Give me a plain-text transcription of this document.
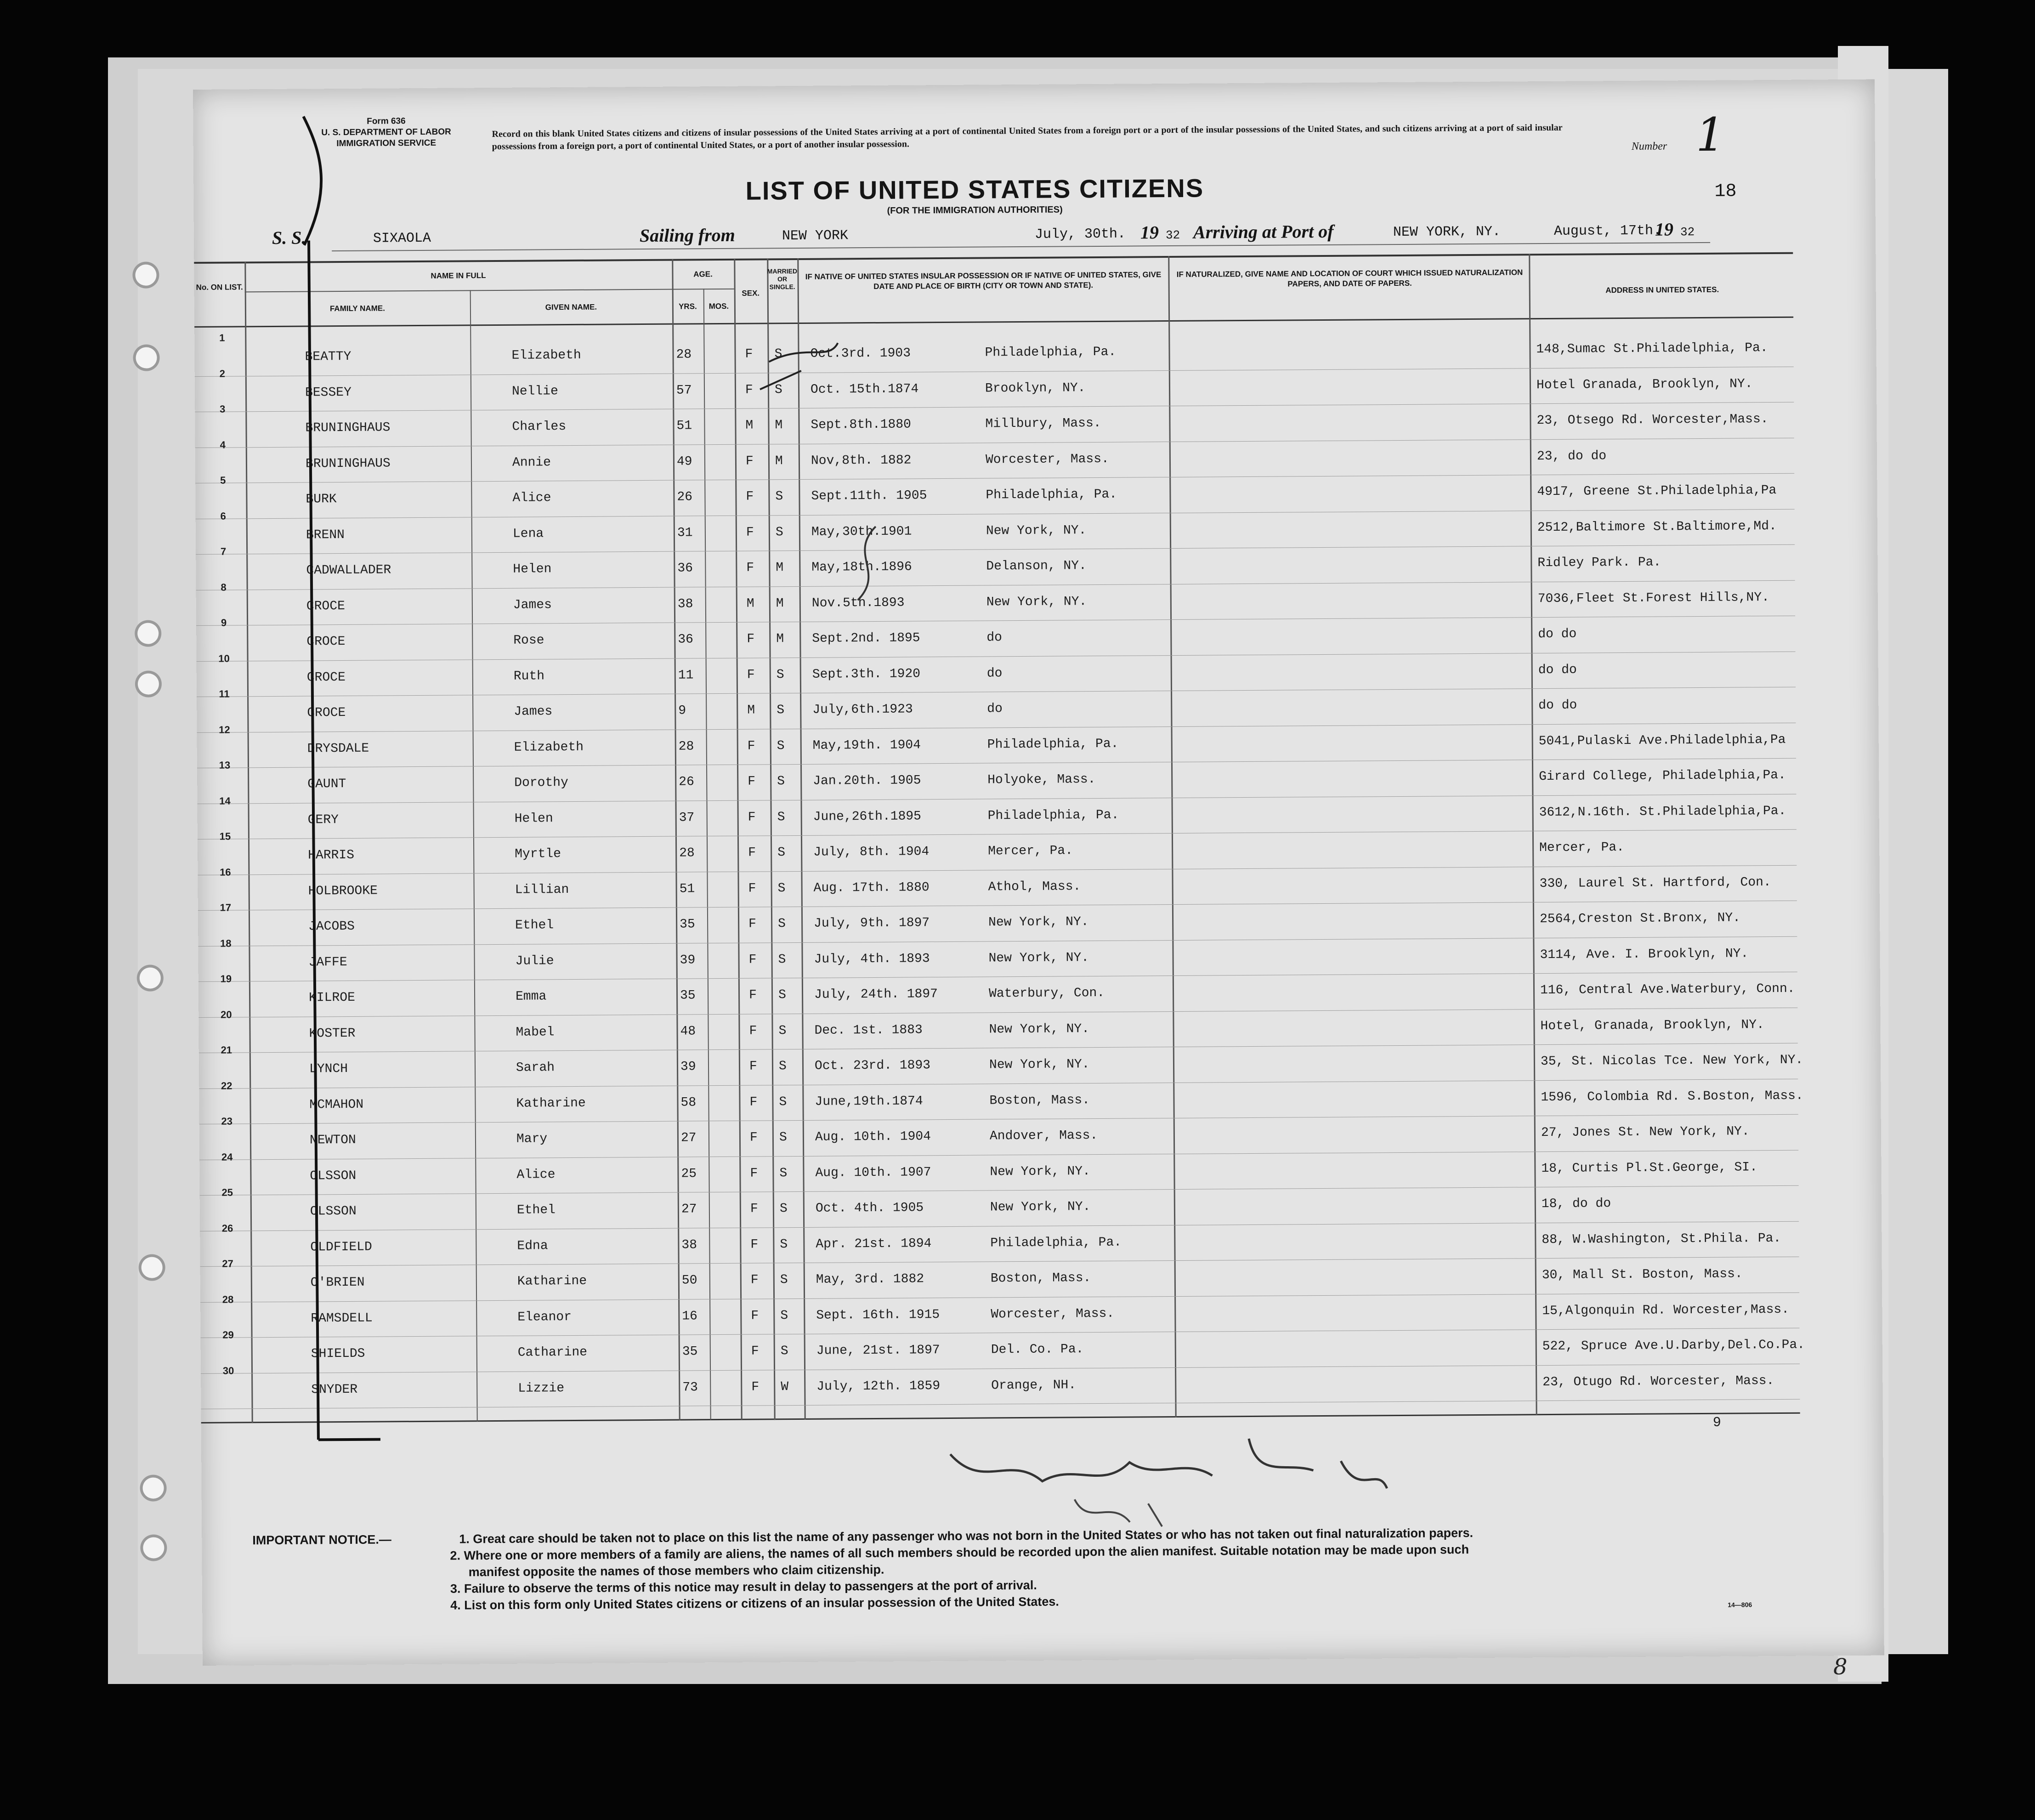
Form 636
U. S. DEPARTMENT OF LABOR
IMMIGRATION SERVICE
Record on this blank United States citizens and citizens of insular possessions of the United States arriving at a port of continental United States from a foreign port or a port of the insular possessions of the United States, and such citizens arriving at a port of said insular possessions from a foreign port, a port of continental United States, or a port of another insular possession.	Number 1
LIST OF UNITED STATES CITIZENS
(FOR THE IMMIGRATION AUTHORITIES)
18
S. S.	SIXAOLA	Sailing from	NEW YORK	July, 30th. 19 32 Arriving at Port of	NEW YORK, NY.	August, 17th.
19 32
No. ON LIST.
NAME IN FULL
FAMILY NAME.	GIVEN NAME.
AGE.
YRS.	MOS.
SEX.
MARRIED OR SINGLE.
IF NATIVE OF UNITED STATES INSULAR POSSESSION OR IF NATIVE OF UNITED STATES, GIVE DATE AND PLACE OF BIRTH (CITY OR TOWN AND STATE).
IF NATURALIZED, GIVE NAME AND LOCATION OF COURT WHICH ISSUED NATURALIZATION PAPERS, AND DATE OF PAPERS.
ADDRESS IN UNITED STATES.
1
BEATTY	Elizabeth	28	F S Oct.3rd. 1903	Philadelphia, Pa.	148,Sumac St.Philadelphia, Pa.
2
BESSEY	Nellie	57	F S Oct. 15th.1874	Brooklyn, NY.	Hotel Granada, Brooklyn, NY.
3
BRUNINGHAUS	Charles	51	M M Sept.8th.1880	Millbury, Mass.	23, Otsego Rd. Worcester,Mass.
4
BRUNINGHAUS	Annie	49	F M Nov,8th. 1882	Worcester, Mass.	23, do do
5
BURK	Alice	26	F S Sept.11th. 1905	Philadelphia, Pa.	4917, Greene St.Philadelphia,Pa
6
BRENN	Lena	31	F S May,30th.1901	New York, NY.	2512,Baltimore St.Baltimore,Md.
7
CADWALLADER	Helen	36	F M May,18th.1896	Delanson, NY.	Ridley Park. Pa.
8
CROCE	James	38	M M Nov.5th.1893	New York, NY.	7036,Fleet St.Forest Hills,NY.
9
CROCE	Rose	36	F M Sept.2nd. 1895	do	do do
10
CROCE	Ruth	11	F S Sept.3th. 1920	do	do do
11
CROCE	James	9	M S July,6th.1923	do	do do
12
DRYSDALE	Elizabeth	28	F S May,19th. 1904	Philadelphia, Pa.	5041,Pulaski Ave.Philadelphia,Pa
13
GAUNT	Dorothy	26	F S Jan.20th. 1905	Holyoke, Mass.	Girard College, Philadelphia,Pa.
14
GERY	Helen	37	F S June,26th.1895	Philadelphia, Pa.	3612,N.16th. St.Philadelphia,Pa.
15
HARRIS	Myrtle	28	F S July, 8th. 1904	Mercer, Pa.	Mercer, Pa.
16
HOLBROOKE	Lillian	51	F S Aug. 17th. 1880	Athol, Mass.	330, Laurel St. Hartford, Con.
17
JACOBS	Ethel	35	F S July, 9th. 1897	New York, NY.	2564,Creston St.Bronx, NY.
18
JAFFE	Julie	39	F S July, 4th. 1893	New York, NY.	3114, Ave. I. Brooklyn, NY.
19
KILROE	Emma	35	F S July, 24th. 1897	Waterbury, Con.	116, Central Ave.Waterbury, Conn.
20
KOSTER	Mabel	48	F S Dec. 1st. 1883	New York, NY.	Hotel, Granada, Brooklyn, NY.
21
LYNCH	Sarah	39	F S Oct. 23rd. 1893	New York, NY.	35, St. Nicolas Tce. New York, NY.
22
MCMAHON	Katharine	58	F S June,19th.1874	Boston, Mass.	1596, Colombia Rd. S.Boston, Mass.
23
NEWTON	Mary	27	F S Aug. 10th. 1904	Andover, Mass.	27, Jones St. New York, NY.
24
OLSSON	Alice	25	F S Aug. 10th. 1907	New York, NY.	18, Curtis Pl.St.George, SI.
25
OLSSON	Ethel	27	F S Oct. 4th. 1905	New York, NY.	18, do do
26
OLDFIELD	Edna	38	F S Apr. 21st. 1894	Philadelphia, Pa.	88, W.Washington, St.Phila. Pa.
27
O'BRIEN	Katharine	50	F S May, 3rd. 1882	Boston, Mass.	30, Mall St. Boston, Mass.
28
RAMSDELL	Eleanor	16	F S Sept. 16th. 1915	Worcester, Mass.	15,Algonquin Rd. Worcester,Mass.
29
SHIELDS	Catharine	35	F S June, 21st. 1897	Del. Co. Pa.	522, Spruce Ave.U.Darby,Del.Co.Pa.
30
SNYDER	Lizzie	73	F W July, 12th. 1859	Orange, NH.	23, Otugo Rd. Worcester, Mass.
9
IMPORTANT NOTICE.—	1. Great care should be taken not to place on this list the name of any passenger who was not born in the United States or who has not taken out final naturalization papers.
2. Where one or more members of a family are aliens, the names of all such members should be recorded upon the alien manifest. Suitable notation may be made upon such
manifest opposite the names of those members who claim citizenship.
3. Failure to observe the terms of this notice may result in delay to passengers at the port of arrival.
4. List on this form only United States citizens or citizens of an insular possession of the United States.	14—806
8
